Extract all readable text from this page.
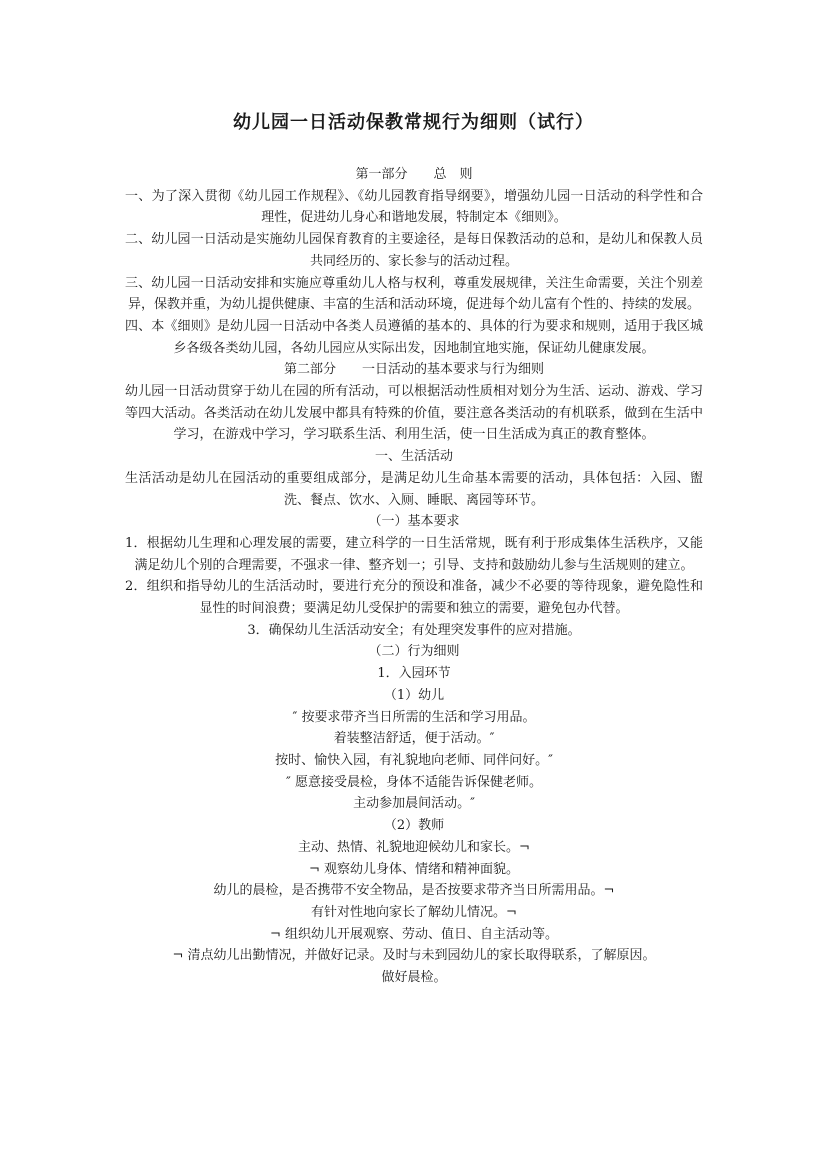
幼儿园一日活动保教常规行为细则（试行）

第一部分　　总　则

一、为了深入贯彻《幼儿园工作规程》、《幼儿园教育指导纲要》，增强幼儿园一日活动的科学性和合理性，促进幼儿身心和谐地发展，特制定本《细则》。

二、幼儿园一日活动是实施幼儿园保育教育的主要途径，是每日保教活动的总和，是幼儿和保教人员共同经历的、家长参与的活动过程。

三、幼儿园一日活动安排和实施应尊重幼儿人格与权利，尊重发展规律，关注生命需要，关注个别差异，保教并重，为幼儿提供健康、丰富的生活和活动环境，促进每个幼儿富有个性的、持续的发展。

四、本《细则》是幼儿园一日活动中各类人员遵循的基本的、具体的行为要求和规则，适用于我区城乡各级各类幼儿园，各幼儿园应从实际出发，因地制宜地实施，保证幼儿健康发展。

第二部分　　一日活动的基本要求与行为细则

幼儿园一日活动贯穿于幼儿在园的所有活动，可以根据活动性质相对划分为生活、运动、游戏、学习等四大活动。各类活动在幼儿发展中都具有特殊的价值，要注意各类活动的有机联系，做到在生活中学习，在游戏中学习，学习联系生活、利用生活，使一日生活成为真正的教育整体。

一、生活活动

生活活动是幼儿在园活动的重要组成部分，是满足幼儿生命基本需要的活动，具体包括：入园、盥洗、餐点、饮水、入厕、睡眠、离园等环节。

（一）基本要求

1．根据幼儿生理和心理发展的需要，建立科学的一日生活常规，既有利于形成集体生活秩序，又能满足幼儿个别的合理需要，不强求一律、整齐划一；引导、支持和鼓励幼儿参与生活规则的建立。

2．组织和指导幼儿的生活活动时，要进行充分的预设和准备，减少不必要的等待现象，避免隐性和显性的时间浪费；要满足幼儿受保护的需要和独立的需要，避免包办代替。

3．确保幼儿生活活动安全；有处理突发事件的应对措施。

（二）行为细则

1．入园环节

（1）幼儿

″ 按要求带齐当日所需的生活和学习用品。

着装整洁舒适，便于活动。″

按时、愉快入园，有礼貌地向老师、同伴问好。″

″ 愿意接受晨检，身体不适能告诉保健老师。

主动参加晨间活动。″

（2）教师

主动、热情、礼貌地迎候幼儿和家长。¬

¬ 观察幼儿身体、情绪和精神面貌。

幼儿的晨检，是否携带不安全物品，是否按要求带齐当日所需用品。¬

有针对性地向家长了解幼儿情况。¬

¬ 组织幼儿开展观察、劳动、值日、自主活动等。

¬ 清点幼儿出勤情况，并做好记录。及时与未到园幼儿的家长取得联系，了解原因。

做好晨检。
